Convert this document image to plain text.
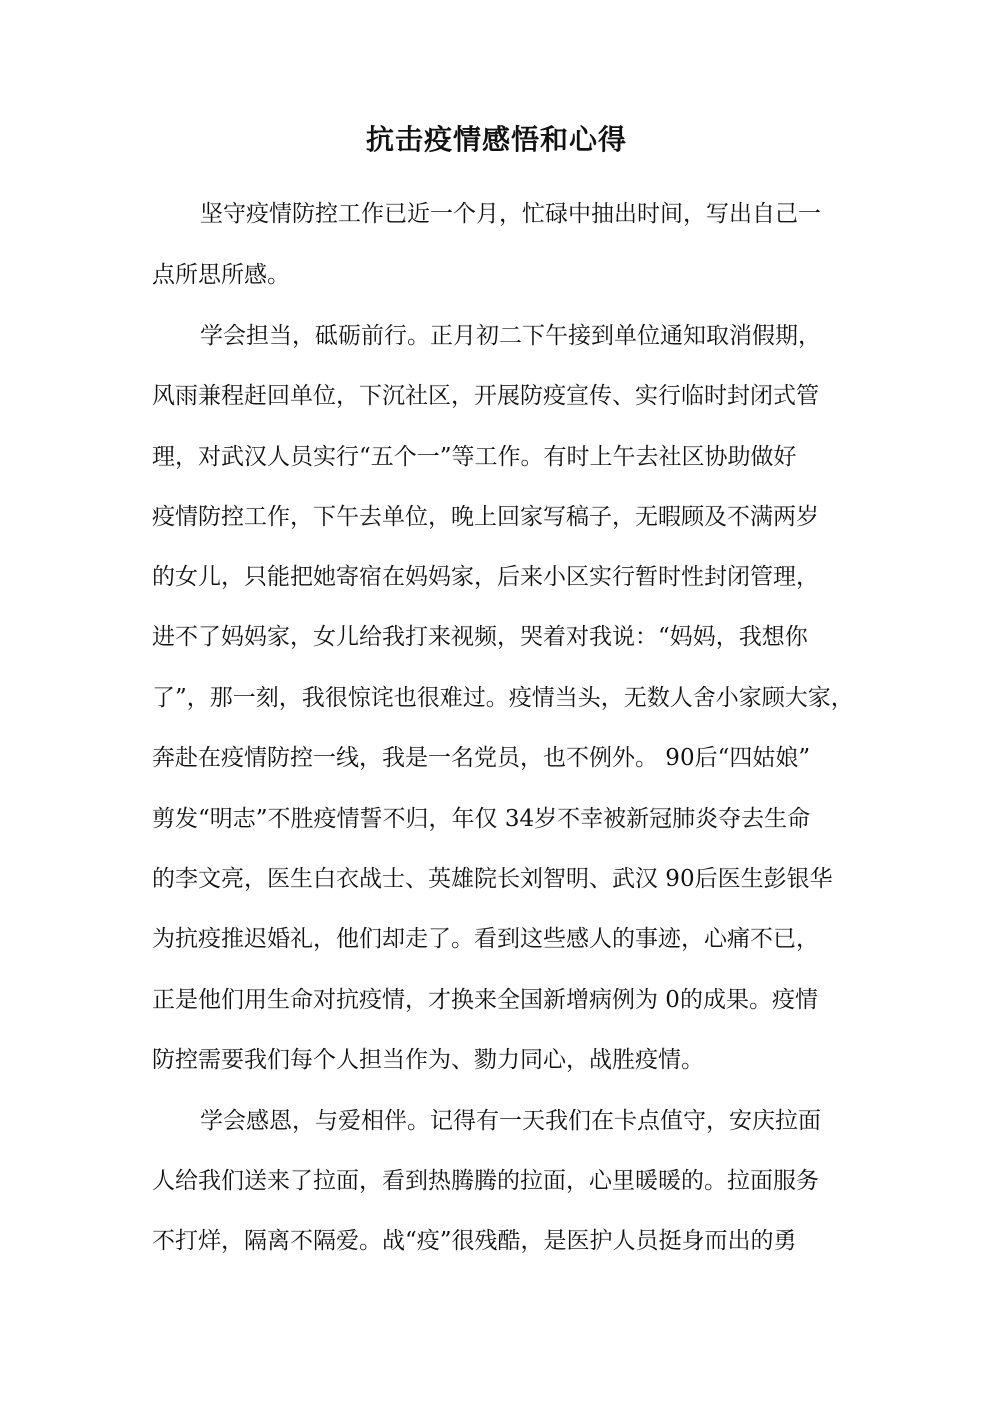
抗击疫情感悟和心得
坚守疫情防控工作已近一个月，忙碌中抽出时间，写出自己一
点所思所感。
学会担当，砥砺前行。正月初二下午接到单位通知取消假期，
风雨兼程赶回单位，下沉社区，开展防疫宣传、实行临时封闭式管
理，对武汉人员实行“五个一”等工作。有时上午去社区协助做好
疫情防控工作，下午去单位，晚上回家写稿子，无暇顾及不满两岁
的女儿，只能把她寄宿在妈妈家，后来小区实行暂时性封闭管理，
进不了妈妈家，女儿给我打来视频，哭着对我说：“妈妈，我想你
了”，那一刻，我很惊诧也很难过。疫情当头，无数人舍小家顾大家，
奔赴在疫情防控一线，我是一名党员，也不例外。 90后“四姑娘”
剪发“明志”不胜疫情誓不归，年仅 34岁不幸被新冠肺炎夺去生命
的李文亮，医生白衣战士、英雄院长刘智明、武汉 90后医生彭银华
为抗疫推迟婚礼，他们却走了。看到这些感人的事迹，心痛不已，
正是他们用生命对抗疫情，才换来全国新增病例为 0的成果。疫情
防控需要我们每个人担当作为、勠力同心，战胜疫情。
学会感恩，与爱相伴。记得有一天我们在卡点值守，安庆拉面
人给我们送来了拉面，看到热腾腾的拉面，心里暖暖的。拉面服务
不打烊，隔离不隔爱。战“疫”很残酷，是医护人员挺身而出的勇
